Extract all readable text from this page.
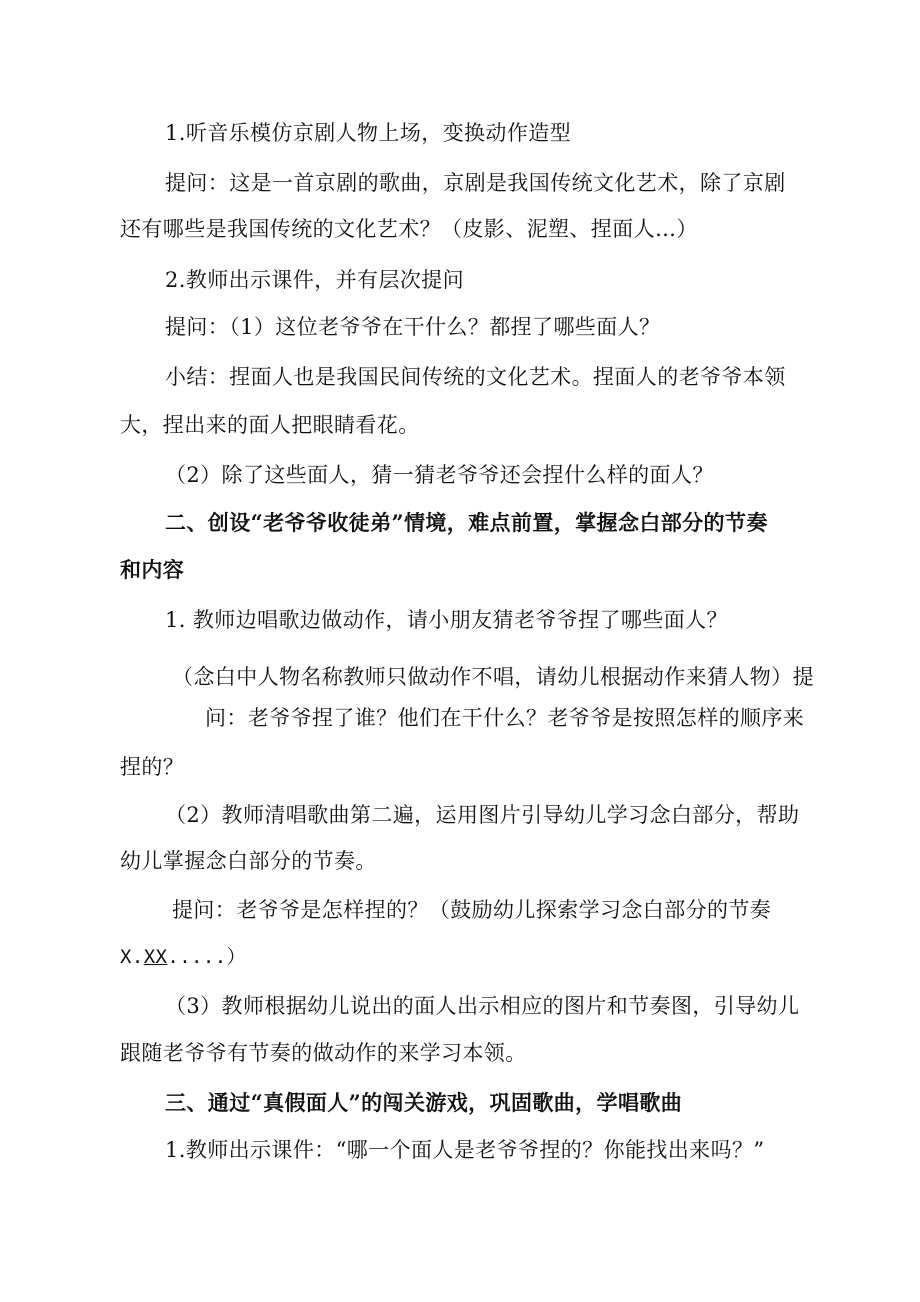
1.听音乐模仿京剧人物上场，变换动作造型
提问：这是一首京剧的歌曲，京剧是我国传统文化艺术，除了京剧
还有哪些是我国传统的文化艺术？（皮影、泥塑、捏面人…）
2.教师出示课件，并有层次提问
提问：（1）这位老爷爷在干什么？都捏了哪些面人？
小结：捏面人也是我国民间传统的文化艺术。捏面人的老爷爷本领
大，捏出来的面人把眼睛看花。
（2）除了这些面人，猜一猜老爷爷还会捏什么样的面人？
二、创设“老爷爷收徒弟”情境，难点前置，掌握念白部分的节奏
和内容
1. 教师边唱歌边做动作，请小朋友猜老爷爷捏了哪些面人？
（念白中人物名称教师只做动作不唱，请幼儿根据动作来猜人物）提
问：老爷爷捏了谁？他们在干什么？老爷爷是按照怎样的顺序来
捏的？
（2）教师清唱歌曲第二遍，运用图片引导幼儿学习念白部分，帮助
幼儿掌握念白部分的节奏。
提问：老爷爷是怎样捏的？（鼓励幼儿探索学习念白部分的节奏
X.XX.....）
（3）教师根据幼儿说出的面人出示相应的图片和节奏图，引导幼儿
跟随老爷爷有节奏的做动作的来学习本领。
三、通过“真假面人”的闯关游戏，巩固歌曲，学唱歌曲
1.教师出示课件：“哪一个面人是老爷爷捏的？你能找出来吗？”
